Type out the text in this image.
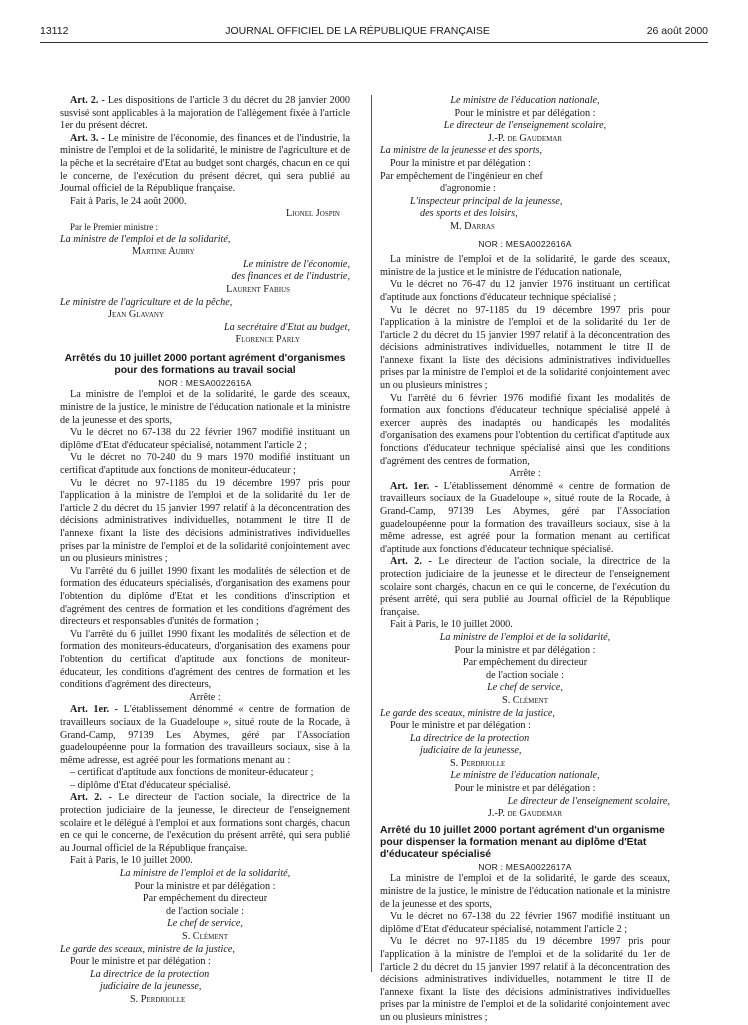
13112	JOURNAL OFFICIEL DE LA RÉPUBLIQUE FRANÇAISE	26 août 2000

Art. 2. - Les dispositions de l'article 3 du décret du 28 janvier 2000 susvisé sont applicables à la majoration de l'allègement fixée à l'article 1er du présent décret.

Art. 3. - Le ministre de l'économie, des finances et de l'industrie, la ministre de l'emploi et de la solidarité, le ministre de l'agriculture et de la pêche et la secrétaire d'Etat au budget sont chargés, chacun en ce qui le concerne, de l'exécution du présent décret, qui sera publié au Journal officiel de la République française.

Fait à Paris, le 24 août 2000.

Lionel Jospin

Par le Premier ministre :

La ministre de l'emploi et de la solidarité,

Martine Aubry

Le ministre de l'économie,

des finances et de l'industrie,

Laurent Fabius

Le ministre de l'agriculture et de la pêche,

Jean Glavany

La secrétaire d'Etat au budget,

Florence Parly

Arrêtés du 10 juillet 2000 portant agrément d'organismes pour des formations au travail social

NOR : MESA0022615A

La ministre de l'emploi et de la solidarité, le garde des sceaux, ministre de la justice, le ministre de l'éducation nationale et la ministre de la jeunesse et des sports,

Vu le décret no 67-138 du 22 février 1967 modifié instituant un diplôme d'Etat d'éducateur spécialisé, notamment l'article 2 ;

Vu le décret no 70-240 du 9 mars 1970 modifié instituant un certificat d'aptitude aux fonctions de moniteur-éducateur ;

Vu le décret no 97-1185 du 19 décembre 1997 pris pour l'application à la ministre de l'emploi et de la solidarité du 1er de l'article 2 du décret du 15 janvier 1997 relatif à la déconcentration des décisions administratives individuelles, notamment le titre II de l'annexe fixant la liste des décisions administratives individuelles prises par la ministre de l'emploi et de la solidarité conjointement avec un ou plusieurs ministres ;

Vu l'arrêté du 6 juillet 1990 fixant les modalités de sélection et de formation des éducateurs spécialisés, d'organisation des examens pour l'obtention du diplôme d'Etat et les conditions d'inscription et d'agrément des centres de formation et les conditions d'agrément des directeurs et responsables d'unités de formation ;

Vu l'arrêté du 6 juillet 1990 fixant les modalités de sélection et de formation des moniteurs-éducateurs, d'organisation des examens pour l'obtention du certificat d'aptitude aux fonctions de moniteur-éducateur, les conditions d'agrément des centres de formation et les conditions d'agrément des directeurs,

Arrête :

Art. 1er. - L'établissement dénommé « centre de formation de travailleurs sociaux de la Guadeloupe », situé route de la Rocade, à Grand-Camp, 97139 Les Abymes, géré par l'Association guadeloupéenne pour la formation des travailleurs sociaux, sise à la même adresse, est agréé pour les formations menant au :

– certificat d'aptitude aux fonctions de moniteur-éducateur ;

– diplôme d'Etat d'éducateur spécialisé.

Art. 2. - Le directeur de l'action sociale, la directrice de la protection judiciaire de la jeunesse, le directeur de l'enseignement scolaire et le délégué à l'emploi et aux formations sont chargés, chacun en ce qui le concerne, de l'exécution du présent arrêté, qui sera publié au Journal officiel de la République française.

Fait à Paris, le 10 juillet 2000.

La ministre de l'emploi et de la solidarité,

Pour la ministre et par délégation :

Par empêchement du directeur

de l'action sociale :

Le chef de service,

S. Clément

Le garde des sceaux, ministre de la justice,

Pour le ministre et par délégation :

La directrice de la protection

judiciaire de la jeunesse,

S. Perdriolle

Le ministre de l'éducation nationale,

Pour le ministre et par délégation :

Le directeur de l'enseignement scolaire,

J.-P. de Gaudemar

La ministre de la jeunesse et des sports,

Pour la ministre et par délégation :

Par empêchement de l'ingénieur en chef

d'agronomie :

L'inspecteur principal de la jeunesse,

des sports et des loisirs,

M. Darras

NOR : MESA0022616A

La ministre de l'emploi et de la solidarité, le garde des sceaux, ministre de la justice et le ministre de l'éducation nationale,

Vu le décret no 76-47 du 12 janvier 1976 instituant un certificat d'aptitude aux fonctions d'éducateur technique spécialisé ;

Vu le décret no 97-1185 du 19 décembre 1997 pris pour l'application à la ministre de l'emploi et de la solidarité du 1er de l'article 2 du décret du 15 janvier 1997 relatif à la déconcentration des décisions administratives individuelles, notamment le titre II de l'annexe fixant la liste des décisions administratives individuelles prises par la ministre de l'emploi et de la solidarité conjointement avec un ou plusieurs ministres ;

Vu l'arrêté du 6 février 1976 modifié fixant les modalités de formation aux fonctions d'éducateur technique spécialisé appelé à exercer auprès des inadaptés ou handicapés les modalités d'organisation des examens pour l'obtention du certificat d'aptitude aux fonctions d'éducateur technique spécialisé ainsi que les conditions d'agrément des centres de formation,

Arrête :

Art. 1er. - L'établissement dénommé « centre de formation de travailleurs sociaux de la Guadeloupe », situé route de la Rocade, à Grand-Camp, 97139 Les Abymes, géré par l'Association guadeloupéenne pour la formation des travailleurs sociaux, sise à la même adresse, est agréé pour la formation menant au certificat d'aptitude aux fonctions d'éducateur technique spécialisé.

Art. 2. - Le directeur de l'action sociale, la directrice de la protection judiciaire de la jeunesse et le directeur de l'enseignement scolaire sont chargés, chacun en ce qui le concerne, de l'exécution du présent arrêté, qui sera publié au Journal officiel de la République française.

Fait à Paris, le 10 juillet 2000.

La ministre de l'emploi et de la solidarité,

Pour la ministre et par délégation :

Par empêchement du directeur

de l'action sociale :

Le chef de service,

S. Clément

Le garde des sceaux, ministre de la justice,

Pour le ministre et par délégation :

La directrice de la protection

judiciaire de la jeunesse,

S. Perdriolle

Le ministre de l'éducation nationale,

Pour le ministre et par délégation :

Le directeur de l'enseignement scolaire,

J.-P. de Gaudemar

Arrêté du 10 juillet 2000 portant agrément d'un organisme pour dispenser la formation menant au diplôme d'Etat d'éducateur spécialisé

NOR : MESA0022617A

La ministre de l'emploi et de la solidarité, le garde des sceaux, ministre de la justice, le ministre de l'éducation nationale et la ministre de la jeunesse et des sports,

Vu le décret no 67-138 du 22 février 1967 modifié instituant un diplôme d'Etat d'éducateur spécialisé, notamment l'article 2 ;

Vu le décret no 97-1185 du 19 décembre 1997 pris pour l'application à la ministre de l'emploi et de la solidarité du 1er de l'article 2 du décret du 15 janvier 1997 relatif à la déconcentration des décisions administratives individuelles, notamment le titre II de l'annexe fixant la liste des décisions administratives individuelles prises par la ministre de l'emploi et de la solidarité conjointement avec un ou plusieurs ministres ;
